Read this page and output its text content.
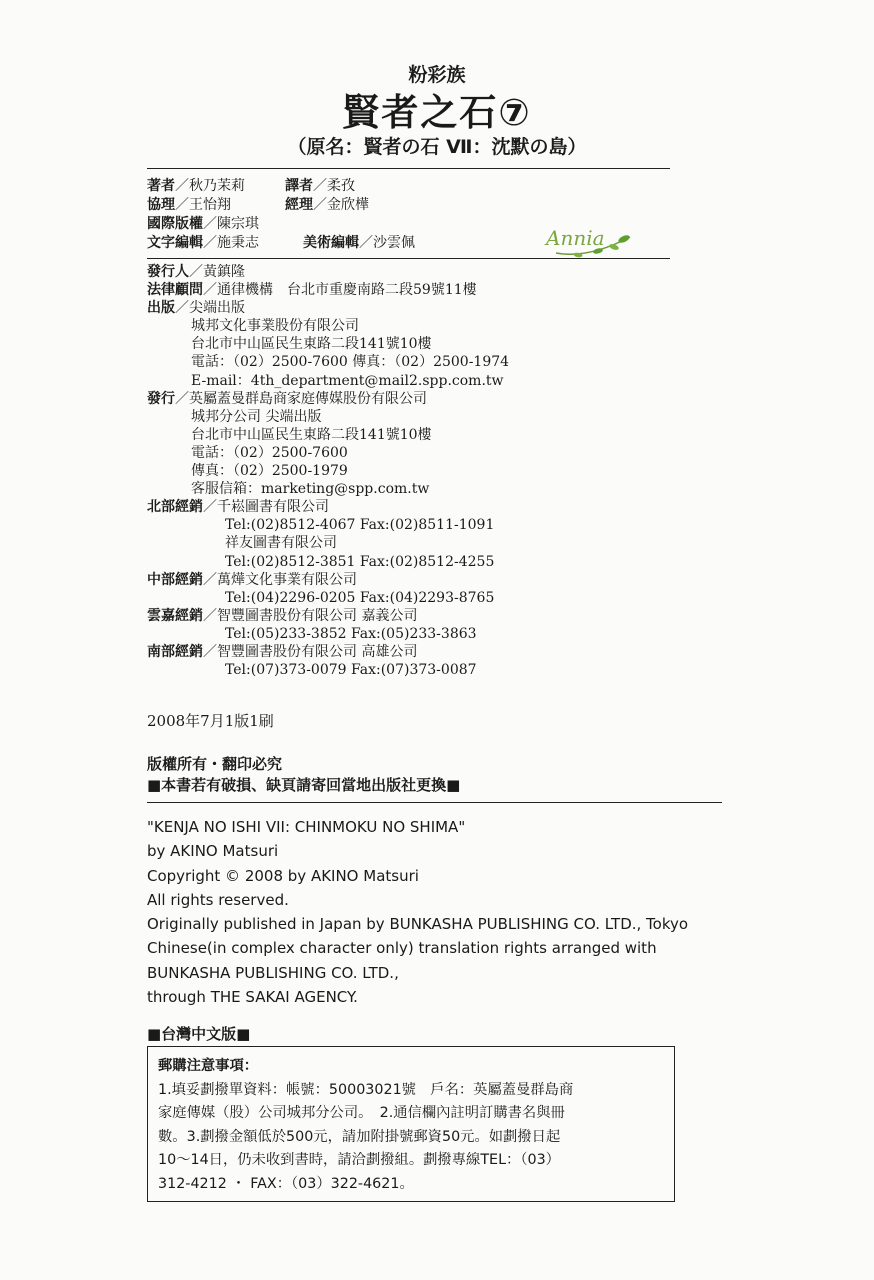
粉彩族
賢者之石⑦
（原名：賢者の石 Ⅶ：沈默の島）
著者／秋乃茉莉	譯者／柔孜
協理／王怡翔	經理／金欣樺
國際版權／陳宗琪
文字編輯／施秉志	美術編輯／沙雲佩	Annia
發行人／黃鎮隆
法律顧問／通律機構　台北市重慶南路二段59號11樓
出版／尖端出版
城邦文化事業股份有限公司
台北市中山區民生東路二段141號10樓
電話：（02）2500-7600 傳真：（02）2500-1974
E-mail：4th_department@mail2.spp.com.tw
發行／英屬蓋曼群島商家庭傳媒股份有限公司
城邦分公司 尖端出版
台北市中山區民生東路二段141號10樓
電話：（02）2500-7600
傳真：（02）2500-1979
客服信箱：marketing@spp.com.tw
北部經銷／千崧圖書有限公司
Tel:(02)8512-4067 Fax:(02)8511-1091
祥友圖書有限公司
Tel:(02)8512-3851 Fax:(02)8512-4255
中部經銷／萬燁文化事業有限公司
Tel:(04)2296-0205 Fax:(04)2293-8765
雲嘉經銷／智豐圖書股份有限公司 嘉義公司
Tel:(05)233-3852 Fax:(05)233-3863
南部經銷／智豐圖書股份有限公司 高雄公司
Tel:(07)373-0079 Fax:(07)373-0087
2008年7月1版1刷
版權所有・翻印必究
■本書若有破損、缺頁請寄回當地出版社更換■
"KENJA NO ISHI VII: CHINMOKU NO SHIMA"
by AKINO Matsuri
Copyright © 2008 by AKINO Matsuri
All rights reserved.
Originally published in Japan by BUNKASHA PUBLISHING CO. LTD., Tokyo
Chinese(in complex character only) translation rights arranged with
BUNKASHA PUBLISHING CO. LTD.,
through THE SAKAI AGENCY.
■台灣中文版■
郵購注意事項：
1.填妥劃撥單資料：帳號：50003021號　戶名：英屬蓋曼群島商
家庭傳媒（股）公司城邦分公司。　2.通信欄內註明訂購書名與冊
數。3.劃撥金額低於500元，請加附掛號郵資50元。如劃撥日起
10～14日，仍未收到書時，請洽劃撥組。劃撥專線TEL：（03）
312-4212 ・ FAX：（03）322-4621。
